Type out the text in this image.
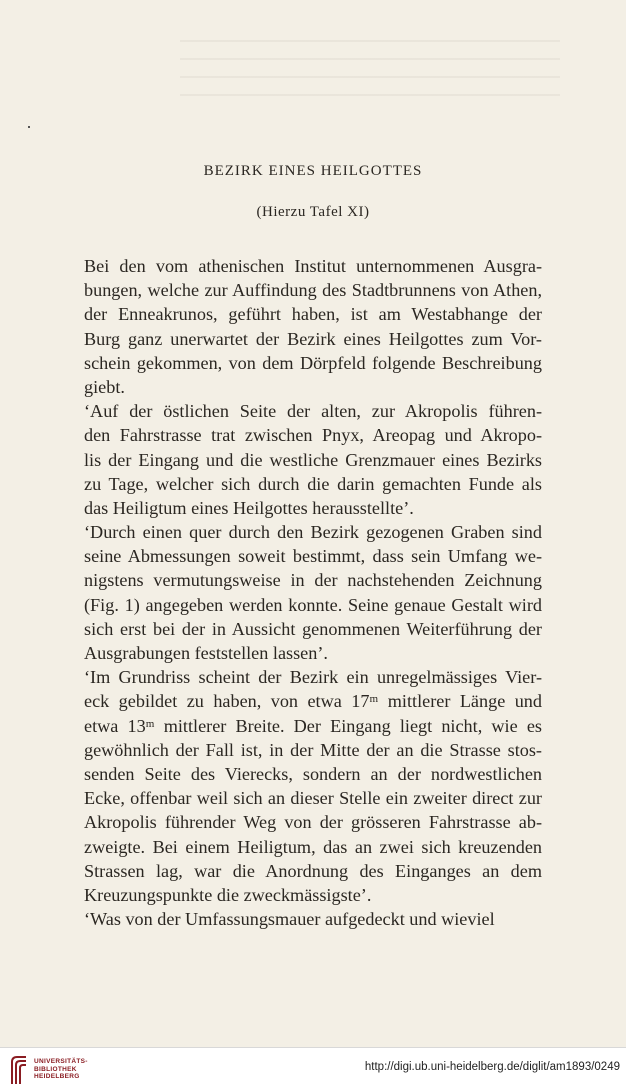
BEZIRK EINES HEILGOTTES
(Hierzu Tafel XI)
Bei den vom athenischen Institut unternommenen Ausgra-
bungen, welche zur Auffindung des Stadtbrunnens von Athen,
der Enneakrunos, geführt haben, ist am Westabhange der
Burg ganz unerwartet der Bezirk eines Heilgottes zum Vor-
schein gekommen, von dem Dörpfeld folgende Beschreibung
giebt.
‘Auf der östlichen Seite der alten, zur Akropolis führen-
den Fahrstrasse trat zwischen Pnyx, Areopag und Akropo-
lis der Eingang und die westliche Grenzmauer eines Bezirks
zu Tage, welcher sich durch die darin gemachten Funde als
das Heiligtum eines Heilgottes herausstellte’.
‘Durch einen quer durch den Bezirk gezogenen Graben sind
seine Abmessungen soweit bestimmt, dass sein Umfang we-
nigstens vermutungsweise in der nachstehenden Zeichnung
(Fig. 1) angegeben werden konnte. Seine genaue Gestalt wird
sich erst bei der in Aussicht genommenen Weiterführung der
Ausgrabungen feststellen lassen’.
‘Im Grundriss scheint der Bezirk ein unregelmässiges Vier-
eck gebildet zu haben, von etwa 17ᵐ mittlerer Länge und
etwa 13ᵐ mittlerer Breite. Der Eingang liegt nicht, wie es
gewöhnlich der Fall ist, in der Mitte der an die Strasse stos-
senden Seite des Vierecks, sondern an der nordwestlichen
Ecke, offenbar weil sich an dieser Stelle ein zweiter direct zur
Akropolis führender Weg von der grösseren Fahrstrasse ab-
zweigte. Bei einem Heiligtum, das an zwei sich kreuzenden
Strassen lag, war die Anordnung des Einganges an dem
Kreuzungspunkte die zweckmässigste’.
‘Was von der Umfassungsmauer aufgedeckt und wieviel
UNIVERSITÄTS-
BIBLIOTHEK
HEIDELBERG
http://digi.ub.uni-heidelberg.de/diglit/am1893/0249
